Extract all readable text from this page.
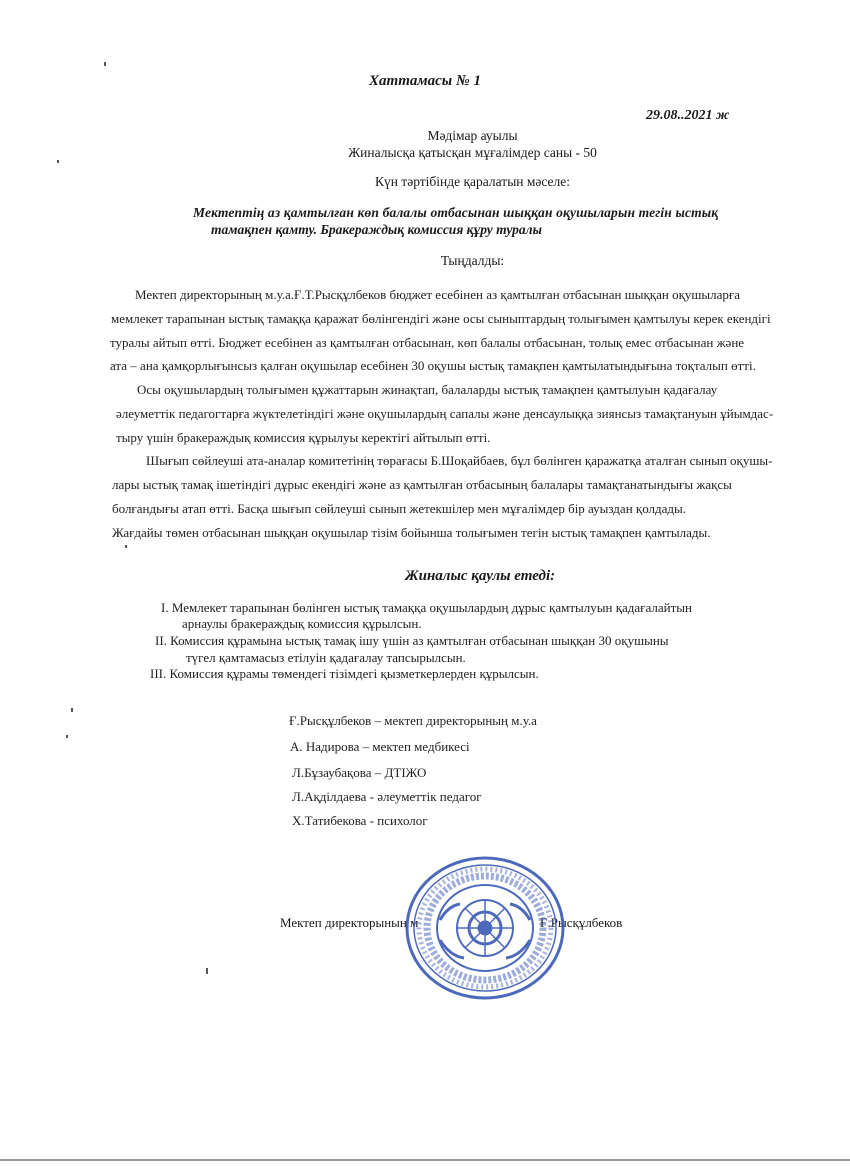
Хаттамасы № 1
29.08..2021 ж
Мәдімар ауылы
Жиналысқа қатысқан мұғалімдер саны - 50
Күн тәртібінде қаралатын мәселе:
Мектептің аз қамтылған көп балалы отбасынан шыққан оқушыларын тегін ыстық
тамақпен қамту. Бракераждық комиссия құру туралы
Тыңдалды:
Мектеп директорының м.у.а.Ғ.Т.Рысқұлбеков бюджет есебінен аз қамтылған отбасынан шыққан оқушыларға
мемлекет тарапынан ыстық тамаққа қаражат бөлінгендігі және осы сыныптардың толығымен қамтылуы керек екендігі
туралы айтып өтті. Бюджет есебінен аз қамтылған отбасынан, көп балалы отбасынан, толық емес отбасынан және
ата – ана қамқорлығынсыз қалған оқушылар есебінен 30 оқушы ыстық тамақпен қамтылатындығына тоқталып өтті.
Осы оқушылардың толығымен құжаттарын жинақтап, балаларды ыстық тамақпен қамтылуын қадағалау
әлеуметтік педагогтарға жүктелетіндігі және оқушылардың сапалы және денсаулыққа зиянсыз тамақтануын ұйымдас-
тыру үшін бракераждық комиссия құрылуы керектігі айтылып өтті.
Шығып сөйлеуші ата-аналар комитетінің төрағасы Б.Шоқайбаев, бұл бөлінген қаражатқа аталған сынып оқушы-
лары ыстық тамақ ішетіндігі дұрыс екендігі және аз қамтылған отбасының балалары тамақтанатындығы жақсы
болғандығы атап өтті. Басқа шығып сөйлеуші сынып жетекшілер мен мұғалімдер бір ауыздан қолдады.
Жағдайы төмен отбасынан шыққан оқушылар тізім бойынша толығымен тегін ыстық тамақпен қамтылады.
Жиналыс қаулы етеді:
I. Мемлекет тарапынан бөлінген ыстық тамаққа оқушылардың дұрыс қамтылуын қадағалайтын
арнаулы бракераждық комиссия құрылсын.
II. Комиссия құрамына ыстық тамақ ішу үшін аз қамтылған отбасынан шыққан 30 оқушыны
түгел қамтамасыз етілуін қадағалау тапсырылсын.
III. Комиссия құрамы төмендегі тізімдегі қызметкерлерден құрылсын.
Ғ.Рысқұлбеков – мектеп директорының м.у.а
А. Надирова – мектеп медбикесі
Л.Бұзаубақова – ДТІЖО
Л.Ақділдаева - әлеуметтік педагог
Х.Татибекова - психолог
Мектеп директорының м	Ғ.Рысқұлбеков
